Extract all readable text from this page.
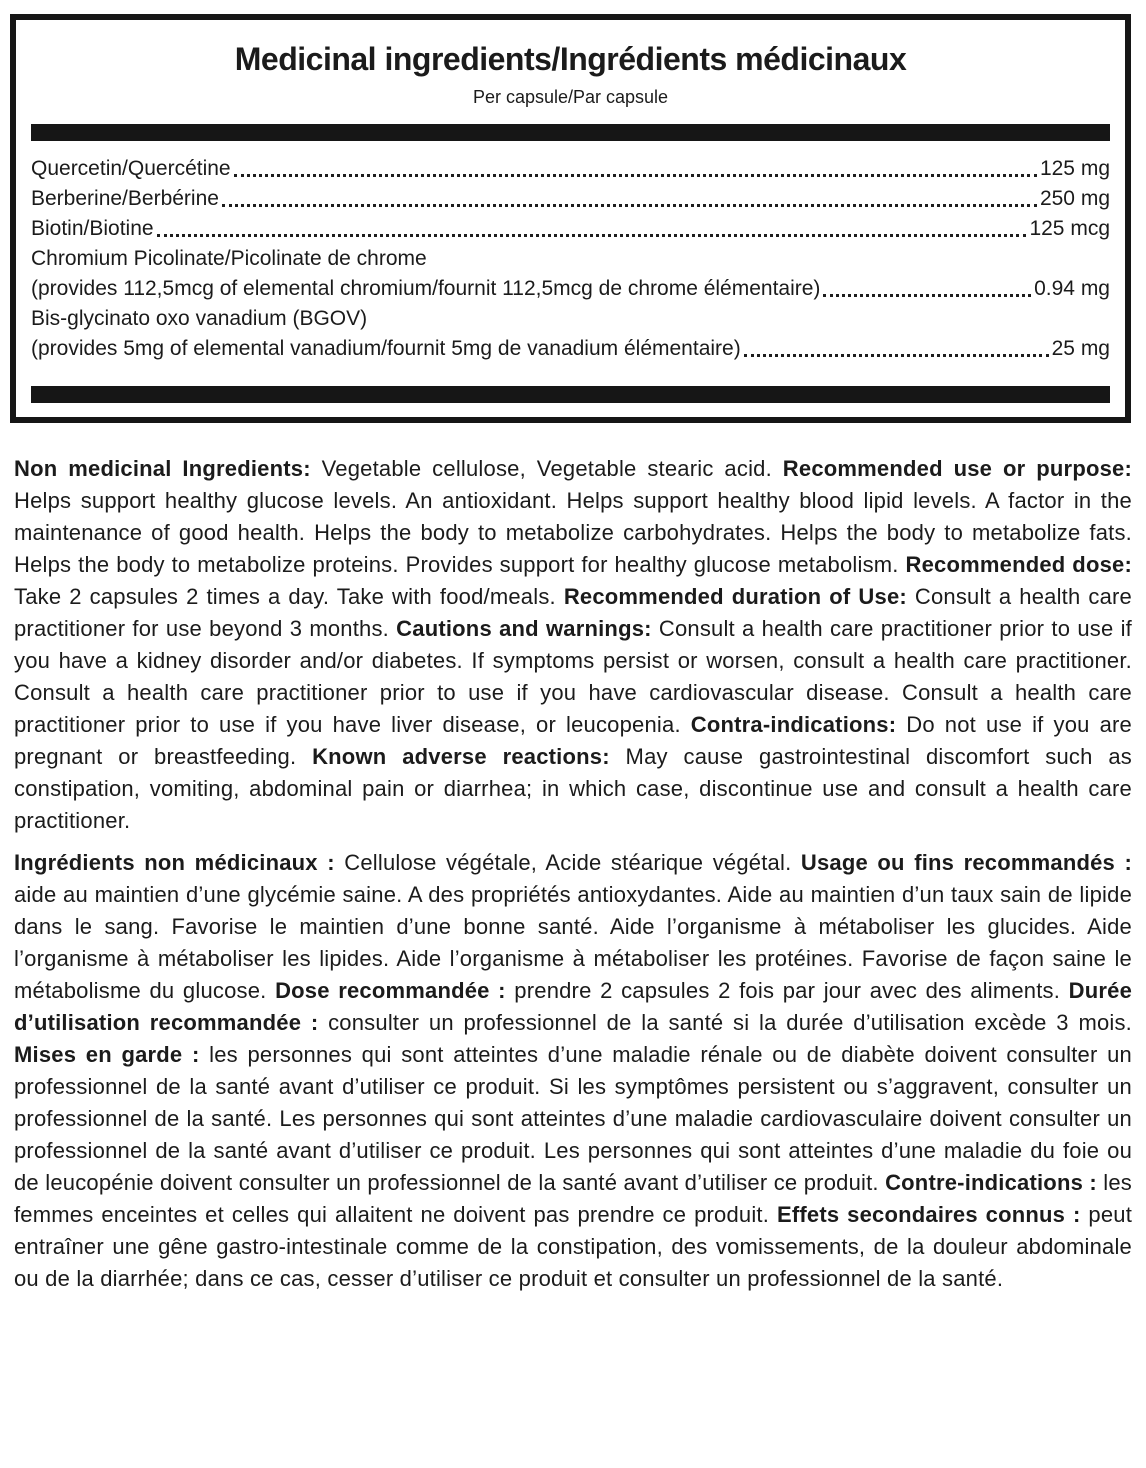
Medicinal ingredients/Ingrédients médicinaux
Per capsule/Par capsule
Quercetin/Quercétine	125 mg
Berberine/Berbérine	250 mg
Biotin/Biotine	125 mcg
Chromium Picolinate/Picolinate de chrome
(provides 112,5mcg of elemental chromium/fournit 112,5mcg de chrome élémentaire)	0.94 mg
Bis-glycinato oxo vanadium (BGOV)
(provides 5mg of elemental vanadium/fournit 5mg de vanadium élémentaire)	25 mg

Non medicinal Ingredients: Vegetable cellulose, Vegetable stearic acid. Recommended use or purpose: Helps support healthy glucose levels. An antioxidant. Helps support healthy blood lipid levels. A factor in the maintenance of good health. Helps the body to metabolize carbohydrates. Helps the body to metabolize fats. Helps the body to metabolize proteins. Provides support for healthy glucose metabolism. Recommended dose: Take 2 capsules 2 times a day. Take with food/meals. Recommended duration of Use: Consult a health care practitioner for use beyond 3 months. Cautions and warnings: Consult a health care practitioner prior to use if you have a kidney disorder and/or diabetes. If symptoms persist or worsen, consult a health care practitioner. Consult a health care practitioner prior to use if you have cardiovascular disease. Consult a health care practitioner prior to use if you have liver disease, or leucopenia. Contra-indications: Do not use if you are pregnant or breastfeeding. Known adverse reactions: May cause gastrointestinal discomfort such as constipation, vomiting, abdominal pain or diarrhea; in which case, discontinue use and consult a health care practitioner.

Ingrédients non médicinaux : Cellulose végétale, Acide stéarique végétal. Usage ou fins recommandés : aide au maintien d’une glycémie saine. A des propriétés antioxydantes. Aide au maintien d’un taux sain de lipide dans le sang. Favorise le maintien d’une bonne santé. Aide l’organisme à métaboliser les glucides. Aide l’organisme à métaboliser les lipides. Aide l’organisme à métaboliser les protéines. Favorise de façon saine le métabolisme du glucose. Dose recommandée : prendre 2 capsules 2 fois par jour avec des aliments. Durée d’utilisation recommandée : consulter un professionnel de la santé si la durée d’utilisation excède 3 mois. Mises en garde : les personnes qui sont atteintes d’une maladie rénale ou de diabète doivent consulter un professionnel de la santé avant d’utiliser ce produit. Si les symptômes persistent ou s’aggravent, consulter un professionnel de la santé. Les personnes qui sont atteintes d’une maladie cardiovasculaire doivent consulter un professionnel de la santé avant d’utiliser ce produit. Les personnes qui sont atteintes d’une maladie du foie ou de leucopénie doivent consulter un professionnel de la santé avant d’utiliser ce produit. Contre-indications : les femmes enceintes et celles qui allaitent ne doivent pas prendre ce produit. Effets secondaires connus : peut entraîner une gêne gastro-intestinale comme de la constipation, des vomissements, de la douleur abdominale ou de la diarrhée; dans ce cas, cesser d’utiliser ce produit et consulter un professionnel de la santé.
